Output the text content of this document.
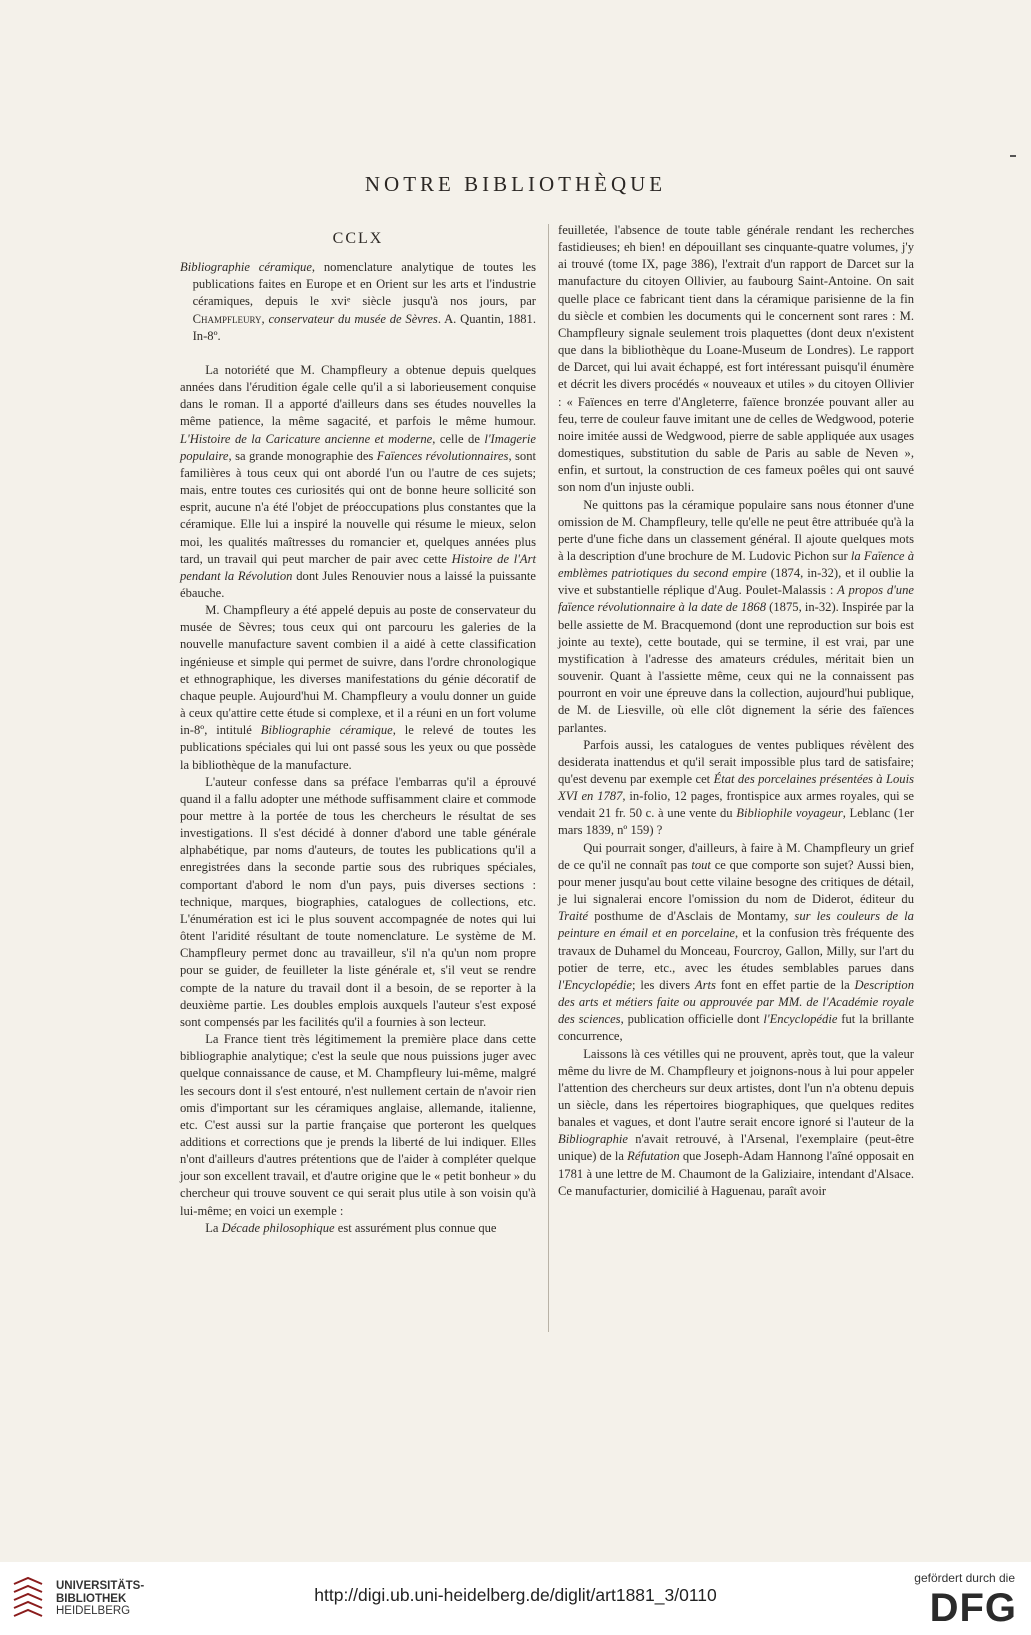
NOTRE BIBLIOTHÈQUE
CCLX

Bibliographie céramique, nomenclature analytique de toutes les publications faites en Europe et en Orient sur les arts et l'industrie céramiques, depuis le xviᵉ siècle jusqu'à nos jours, par Champfleury, conservateur du musée de Sèvres. A. Quantin, 1881. In-8º.

La notoriété que M. Champfleury a obtenue depuis quelques années dans l'érudition égale celle qu'il a si laborieusement conquise dans le roman. Il a apporté d'ailleurs dans ses études nouvelles la même patience, la même sagacité, et parfois le même humour. L'Histoire de la Caricature ancienne et moderne, celle de l'Imagerie populaire, sa grande monographie des Faïences révolutionnaires, sont familières à tous ceux qui ont abordé l'un ou l'autre de ces sujets; mais, entre toutes ces curiosités qui ont de bonne heure sollicité son esprit, aucune n'a été l'objet de préoccupations plus constantes que la céramique. Elle lui a inspiré la nouvelle qui résume le mieux, selon moi, les qualités maîtresses du romancier et, quelques années plus tard, un travail qui peut marcher de pair avec cette Histoire de l'Art pendant la Révolution dont Jules Renouvier nous a laissé la puissante ébauche.

M. Champfleury a été appelé depuis au poste de conservateur du musée de Sèvres; tous ceux qui ont parcouru les galeries de la nouvelle manufacture savent combien il a aidé à cette classification ingénieuse et simple qui permet de suivre, dans l'ordre chronologique et ethnographique, les diverses manifestations du génie décoratif de chaque peuple. Aujourd'hui M. Champfleury a voulu donner un guide à ceux qu'attire cette étude si complexe, et il a réuni en un fort volume in-8º, intitulé Bibliographie céramique, le relevé de toutes les publications spéciales qui lui ont passé sous les yeux ou que possède la bibliothèque de la manufacture.

L'auteur confesse dans sa préface l'embarras qu'il a éprouvé quand il a fallu adopter une méthode suffisamment claire et commode pour mettre à la portée de tous les chercheurs le résultat de ses investigations. Il s'est décidé à donner d'abord une table générale alphabétique, par noms d'auteurs, de toutes les publications qu'il a enregistrées dans la seconde partie sous des rubriques spéciales, comportant d'abord le nom d'un pays, puis diverses sections : technique, marques, biographies, catalogues de collections, etc. L'énumération est ici le plus souvent accompagnée de notes qui lui ôtent l'aridité résultant de toute nomenclature. Le système de M. Champfleury permet donc au travailleur, s'il n'a qu'un nom propre pour se guider, de feuilleter la liste générale et, s'il veut se rendre compte de la nature du travail dont il a besoin, de se reporter à la deuxième partie. Les doubles emplois auxquels l'auteur s'est exposé sont compensés par les facilités qu'il a fournies à son lecteur.

La France tient très légitimement la première place dans cette bibliographie analytique; c'est la seule que nous puissions juger avec quelque connaissance de cause, et M. Champfleury lui-même, malgré les secours dont il s'est entouré, n'est nullement certain de n'avoir rien omis d'important sur les céramiques anglaise, allemande, italienne, etc. C'est aussi sur la partie française que porteront les quelques additions et corrections que je prends la liberté de lui indiquer. Elles n'ont d'ailleurs d'autres prétentions que de l'aider à compléter quelque jour son excellent travail, et d'autre origine que le « petit bonheur » du chercheur qui trouve souvent ce qui serait plus utile à son voisin qu'à lui-même; en voici un exemple :

La Décade philosophique est assurément plus connue que

feuilletée, l'absence de toute table générale rendant les recherches fastidieuses; eh bien! en dépouillant ses cinquante-quatre volumes, j'y ai trouvé (tome IX, page 386), l'extrait d'un rapport de Darcet sur la manufacture du citoyen Ollivier, au faubourg Saint-Antoine. On sait quelle place ce fabricant tient dans la céramique parisienne de la fin du siècle et combien les documents qui le concernent sont rares : M. Champfleury signale seulement trois plaquettes (dont deux n'existent que dans la bibliothèque du Loane-Museum de Londres). Le rapport de Darcet, qui lui avait échappé, est fort intéressant puisqu'il énumère et décrit les divers procédés « nouveaux et utiles » du citoyen Ollivier : « Faïences en terre d'Angleterre, faïence bronzée pouvant aller au feu, terre de couleur fauve imitant une de celles de Wedgwood, poterie noire imitée aussi de Wedgwood, pierre de sable appliquée aux usages domestiques, substitution du sable de Paris au sable de Neven », enfin, et surtout, la construction de ces fameux poêles qui ont sauvé son nom d'un injuste oubli.

Ne quittons pas la céramique populaire sans nous étonner d'une omission de M. Champfleury, telle qu'elle ne peut être attribuée qu'à la perte d'une fiche dans un classement général. Il ajoute quelques mots à la description d'une brochure de M. Ludovic Pichon sur la Faïence à emblèmes patriotiques du second empire (1874, in-32), et il oublie la vive et substantielle réplique d'Aug. Poulet-Malassis : A propos d'une faïence révolutionnaire à la date de 1868 (1875, in-32). Inspirée par la belle assiette de M. Bracquemond (dont une reproduction sur bois est jointe au texte), cette boutade, qui se termine, il est vrai, par une mystification à l'adresse des amateurs crédules, méritait bien un souvenir. Quant à l'assiette même, ceux qui ne la connaissent pas pourront en voir une épreuve dans la collection, aujourd'hui publique, de M. de Liesville, où elle clôt dignement la série des faïences parlantes.

Parfois aussi, les catalogues de ventes publiques révèlent des desiderata inattendus et qu'il serait impossible plus tard de satisfaire; qu'est devenu par exemple cet État des porcelaines présentées à Louis XVI en 1787, in-folio, 12 pages, frontispice aux armes royales, qui se vendait 21 fr. 50 c. à une vente du Bibliophile voyageur, Leblanc (1er mars 1839, nº 159) ?

Qui pourrait songer, d'ailleurs, à faire à M. Champfleury un grief de ce qu'il ne connaît pas tout ce que comporte son sujet? Aussi bien, pour mener jusqu'au bout cette vilaine besogne des critiques de détail, je lui signalerai encore l'omission du nom de Diderot, éditeur du Traité posthume de d'Asclais de Montamy, sur les couleurs de la peinture en émail et en porcelaine, et la confusion très fréquente des travaux de Duhamel du Monceau, Fourcroy, Gallon, Milly, sur l'art du potier de terre, etc., avec les études semblables parues dans l'Encyclopédie; les divers Arts font en effet partie de la Description des arts et métiers faite ou approuvée par MM. de l'Académie royale des sciences, publication officielle dont l'Encyclopédie fut la brillante concurrence,

Laissons là ces vétilles qui ne prouvent, après tout, que la valeur même du livre de M. Champfleury et joignons-nous à lui pour appeler l'attention des chercheurs sur deux artistes, dont l'un n'a obtenu depuis un siècle, dans les répertoires biographiques, que quelques redites banales et vagues, et dont l'autre serait encore ignoré si l'auteur de la Bibliographie n'avait retrouvé, à l'Arsenal, l'exemplaire (peut-être unique) de la Réfutation que Joseph-Adam Hannong l'aîné opposait en 1781 à une lettre de M. Chaumont de la Galiziaire, intendant d'Alsace. Ce manufacturier, domicilié à Haguenau, paraît avoir

UNIVERSITÄTS-
BIBLIOTHEK
HEIDELBERG
http://digi.ub.uni-heidelberg.de/diglit/art1881_3/0110
gefördert durch die
DFG
